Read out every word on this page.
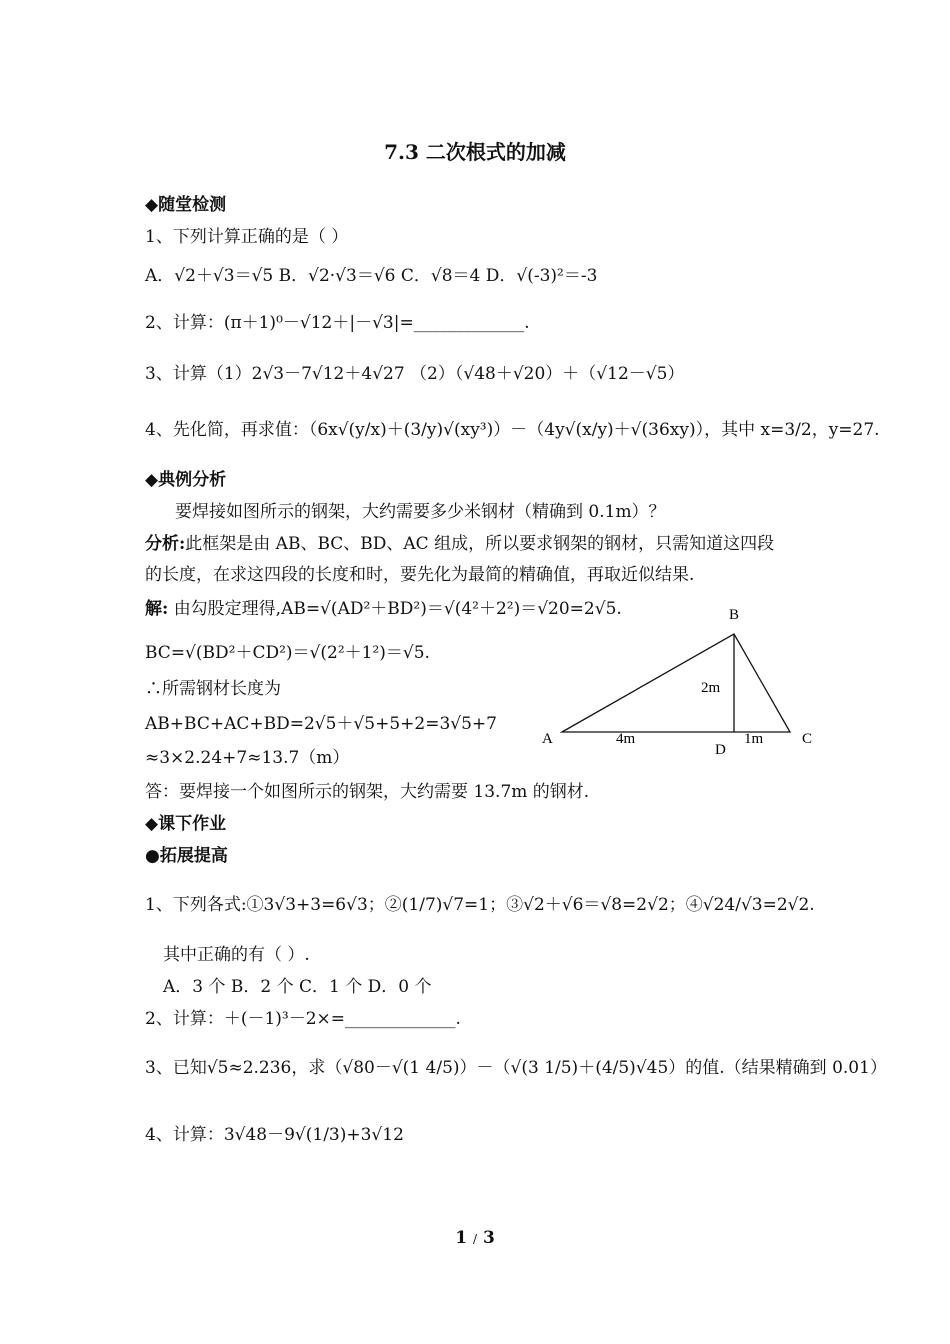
7.3 二次根式的加减
◆随堂检测
1、下列计算正确的是（ ）
A．√2＋√3＝√5 B．√2·√3＝√6 C．√8＝4 D．√(-3)²＝-3
2、计算：(π＋1)⁰－√12＋|－√3|=_____________.
3、计算（1）2√3－7√12＋4√27 （2）（√48＋√20）＋（√12－√5）
4、先化简，再求值：（6x√(y/x)＋(3/y)√(xy³)）－（4y√(x/y)＋√(36xy)），其中 x=3/2，y=27.
◆典例分析
要焊接如图所示的钢架，大约需要多少米钢材（精确到 0.1m）？
分析:此框架是由 AB、BC、BD、AC 组成，所以要求钢架的钢材，只需知道这四段
的长度，在求这四段的长度和时，要先化为最简的精确值，再取近似结果.
解: 由勾股定理得,AB=√(AD²＋BD²)＝√(4²＋2²)＝√20=2√5.
BC=√(BD²＋CD²)＝√(2²＋1²)＝√5.
∴所需钢材长度为
AB+BC+AC+BD=2√5＋√5+5+2=3√5+7
≈3×2.24+7≈13.7（m）
答：要焊接一个如图所示的钢架，大约需要 13.7m 的钢材.
B
A	C
D
4m	1m
2m
◆课下作业
●拓展提高
1、下列各式:①3√3+3=6√3；②(1/7)√7=1；③√2＋√6＝√8=2√2；④√24/√3=2√2.
其中正确的有（ ）.
A．3 个 B．2 个 C．1 个 D．0 个
2、计算：＋(－1)³－2×=_____________.
3、已知√5≈2.236，求（√80－√(1 4/5)）－（√(3 1/5)＋(4/5)√45）的值.（结果精确到 0.01）
4、计算：3√48－9√(1/3)+3√12
1 / 3
